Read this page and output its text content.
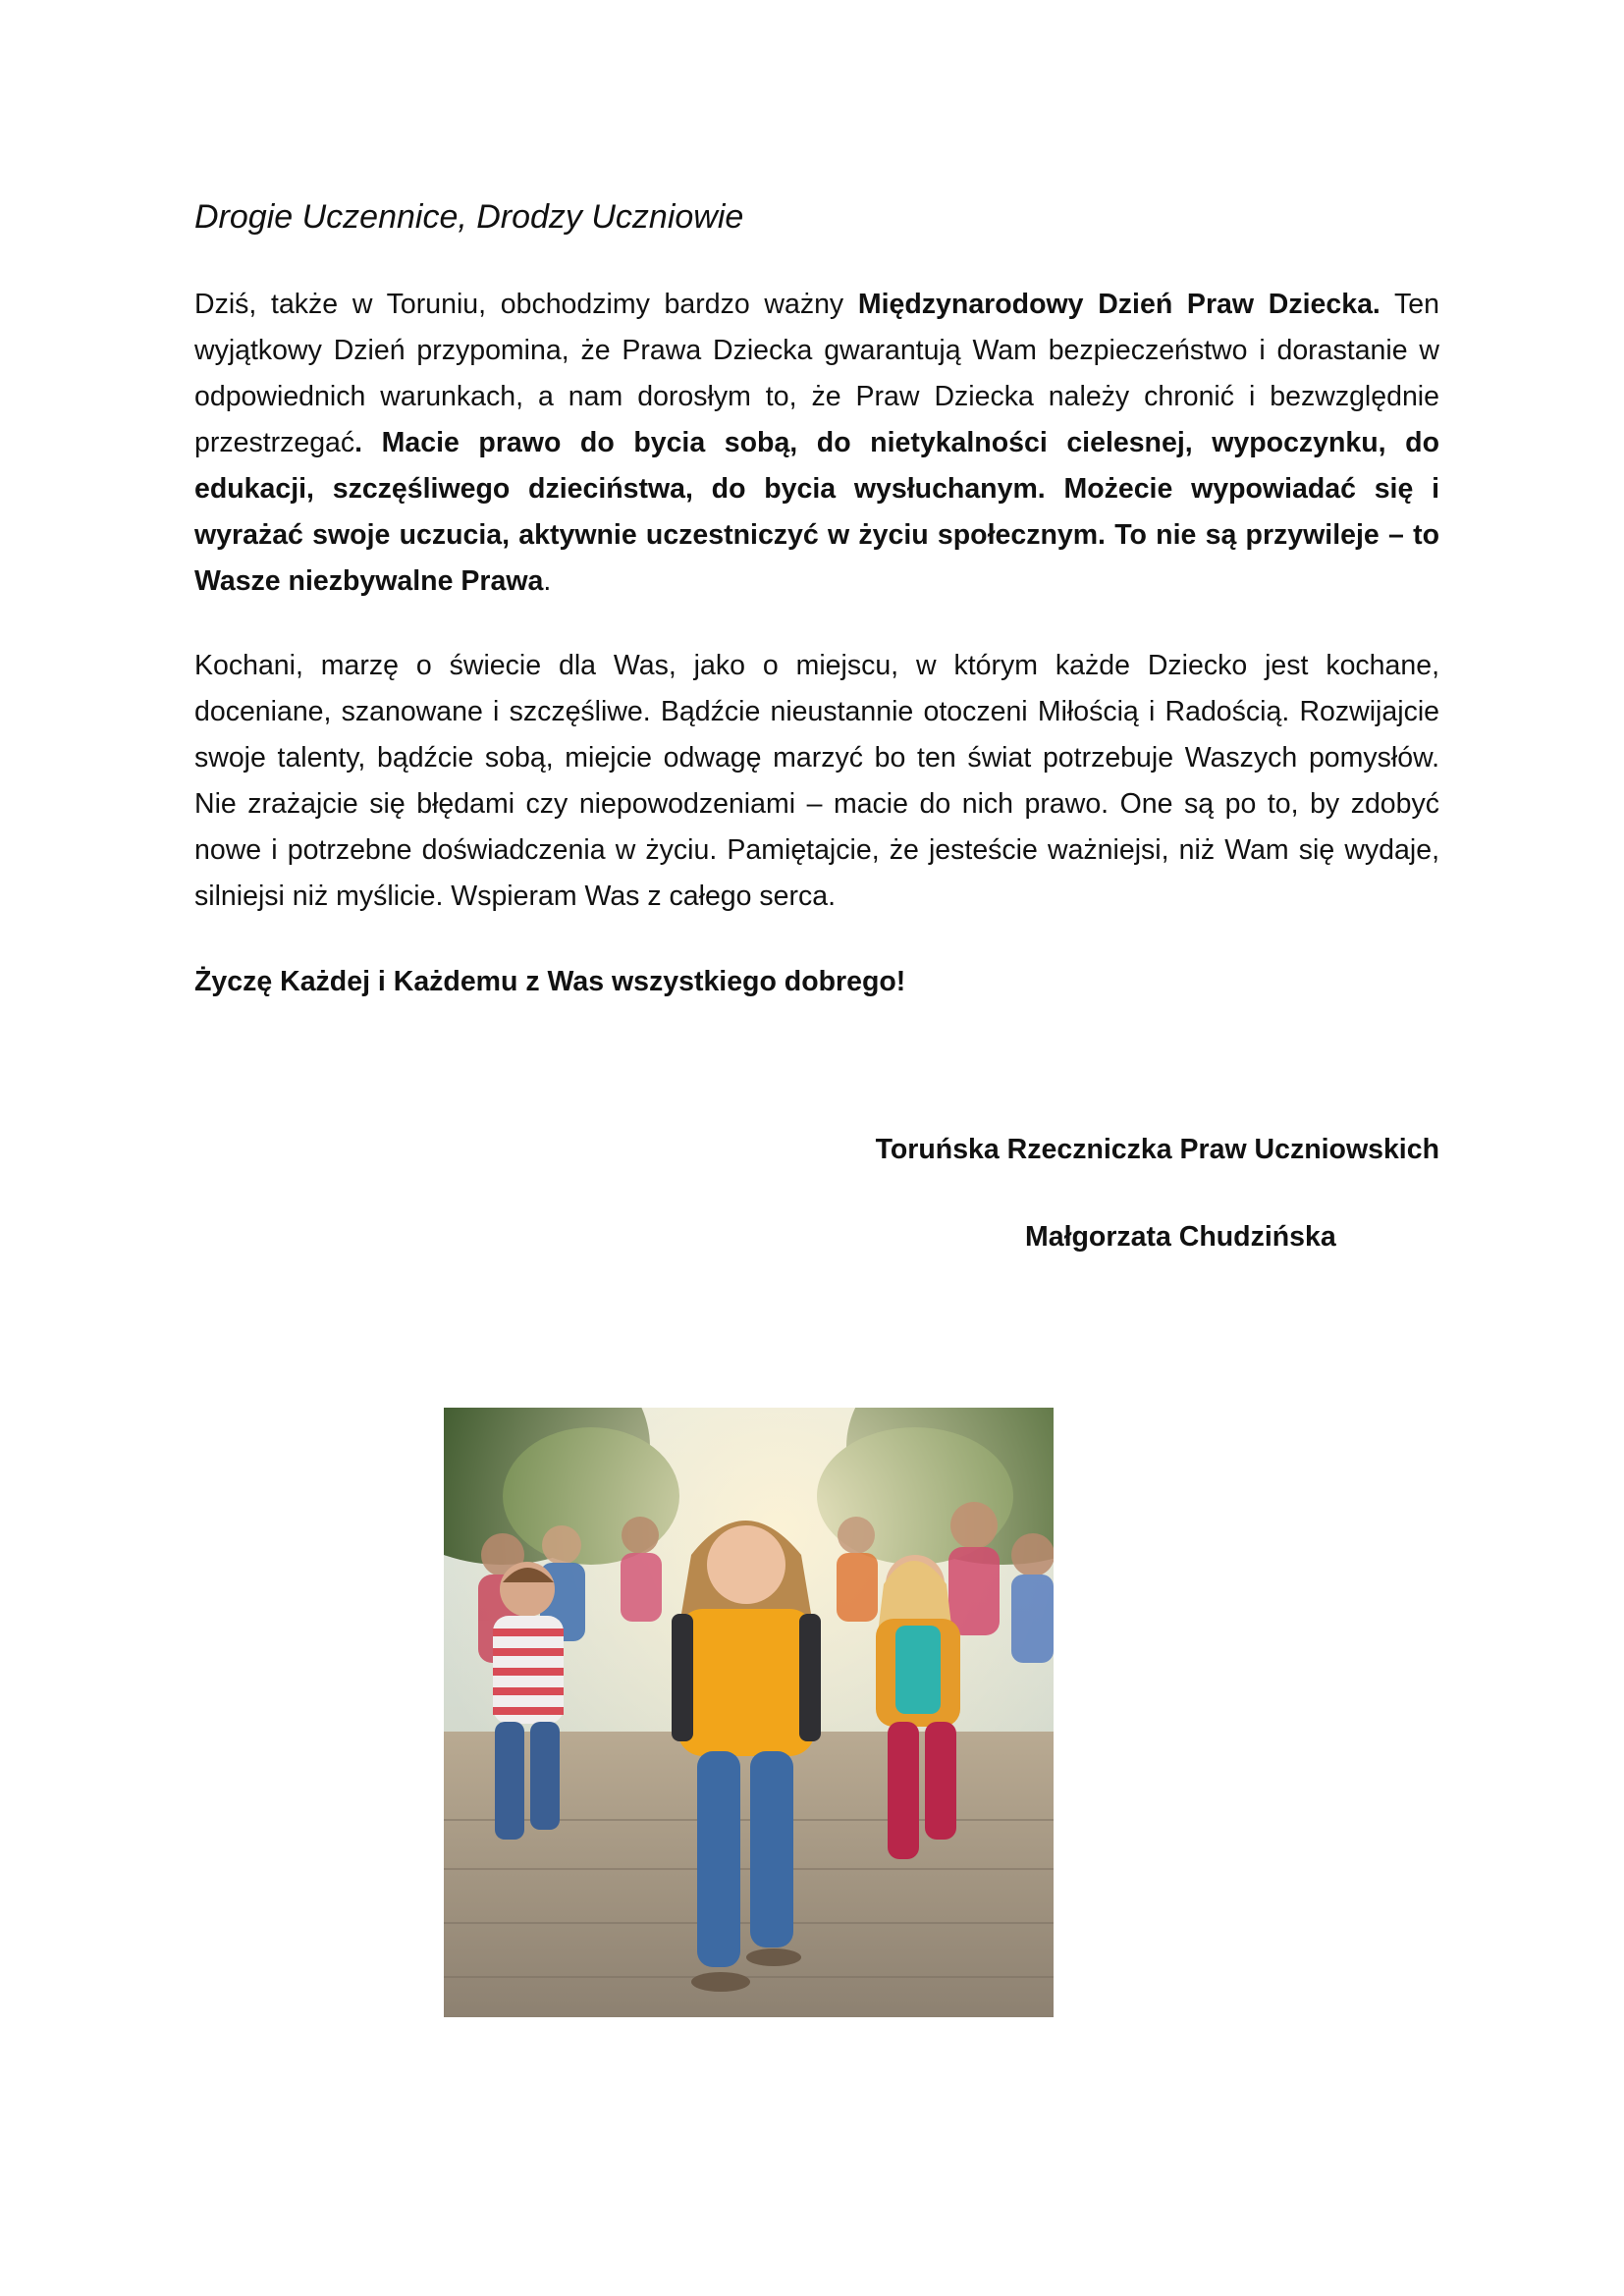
Drogie Uczennice, Drodzy Uczniowie

Dziś, także w Toruniu, obchodzimy bardzo ważny Międzynarodowy Dzień Praw Dziecka. Ten wyjątkowy Dzień przypomina, że Prawa Dziecka gwarantują Wam bezpieczeństwo i dorastanie w odpowiednich warunkach, a nam dorosłym to, że Praw Dziecka należy chronić i bezwzględnie przestrzegać. Macie prawo do bycia sobą, do nietykalności cielesnej, wypoczynku, do edukacji, szczęśliwego dzieciństwa, do bycia wysłuchanym. Możecie wypowiadać się i wyrażać swoje uczucia, aktywnie uczestniczyć w życiu społecznym. To nie są przywileje – to Wasze niezbywalne Prawa.

Kochani, marzę o świecie dla Was, jako o miejscu, w którym każde Dziecko jest kochane, doceniane, szanowane i szczęśliwe. Bądźcie nieustannie otoczeni Miłością i Radością. Rozwijajcie swoje talenty, bądźcie sobą, miejcie odwagę marzyć bo ten świat potrzebuje Waszych pomysłów. Nie zrażajcie się błędami czy niepowodzeniami – macie do nich prawo. One są po to, by zdobyć nowe i potrzebne doświadczenia w życiu. Pamiętajcie, że jesteście ważniejsi, niż Wam się wydaje, silniejsi niż myślicie. Wspieram Was z całego serca.

Życzę Każdej i Każdemu z Was wszystkiego dobrego!
Toruńska Rzeczniczka Praw Uczniowskich
Małgorzata Chudzińska
